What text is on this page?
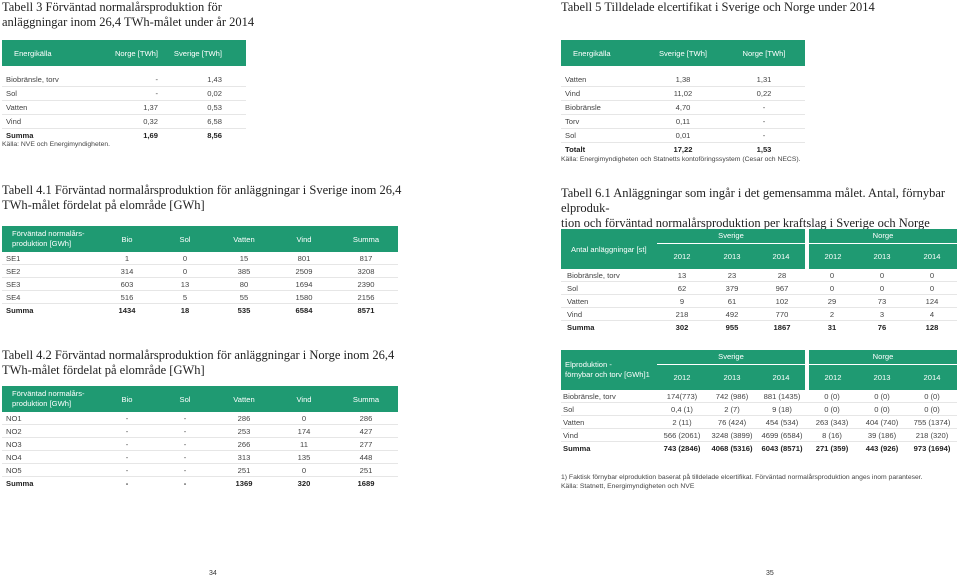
Tabell 3 Förväntad normalårsproduktion för
anläggningar inom 26,4 TWh-målet under år 2014
Energikälla	Norge [TWh]	Sverige [TWh]

Biobränsle, torv	-	1,43

Sol	-	0,02

Vatten	1,37	0,53

Vind	0,32	6,58

Summa	1,69	8,56
Källa: NVE och Energimyndigheten.
Tabell 4.1 Förväntad normalårsproduktion för anläggningar i Sverige inom 26,4
TWh-målet fördelat på elområde [GWh]
Förväntad normalårs-
produktion [GWh]	Bio	Sol	Vatten	Vind	Summa
SE1	1	0	15	801	817

SE2	314	0	385	2509	3208

SE3	603	13	80	1694	2390

SE4	516	5	55	1580	2156

Summa	1434	18	535	6584	8571
Tabell 4.2 Förväntad normalårsproduktion för anläggningar i Norge inom 26,4
TWh-målet fördelat på elområde [GWh]
Förväntad normalårs-
produktion [GWh]	Bio	Sol	Vatten	Vind	Summa
NO1	-	-	286	0	286

NO2	-	-	253	174	427

NO3	-	-	266	11	277

NO4	-	-	313	135	448

NO5	-	-	251	0	251

Summa	-	-	1369	320	1689
34
Tabell 5 Tilldelade elcertifikat i Sverige och Norge under 2014
Energikälla	Sverige [TWh]	Norge [TWh]

Vatten	1,38	1,31

Vind	11,02	0,22

Biobränsle	4,70	-

Torv	0,11	-

Sol	0,01	-

Totalt	17,22	1,53
Källa: Energimyndigheten och Statnetts kontoföringssystem (Cesar och NECS).
Tabell 6.1 Anläggningar som ingår i det gemensamma målet. Antal, förnybar elproduk-
tion och förväntad normalårsproduktion per kraftslag i Sverige och Norge
Antal anläggningar [st]	Sverige			Norge		
	2012	2013	2014	2012	2013	2014
Biobränsle, torv	13	23	28	0	0	0

Sol	62	379	967	0	0	0

Vatten	9	61	102	29	73	124

Vind	218	492	770	2	3	4

Summa	302	955	1867	31	76	128
Elproduktion -
förnybar och torv [GWh]1	Sverige			Norge		
	2012	2013	2014	2012	2013	2014
Biobränsle, torv	174(773)	742 (986)	881 (1435)	0 (0)	0 (0)	0 (0)

Sol	0,4 (1)	2 (7)	9 (18)	0 (0)	0 (0)	0 (0)

Vatten	2 (11)	76 (424)	454 (534)	263 (343)	404 (740)	755 (1374)

Vind	566 (2061)	3248 (3899)	4699 (6584)	8 (16)	39 (186)	218 (320)

Summa	743 (2846)	4068 (5316)	6043 (8571)	271 (359)	443 (926)	973 (1694)
1) Faktisk förnybar elproduktion baserat på tilldelade elcertifikat. Förväntad normalårsproduktion anges inom paranteser.
Källa: Statnett, Energimyndigheten och NVE
35
